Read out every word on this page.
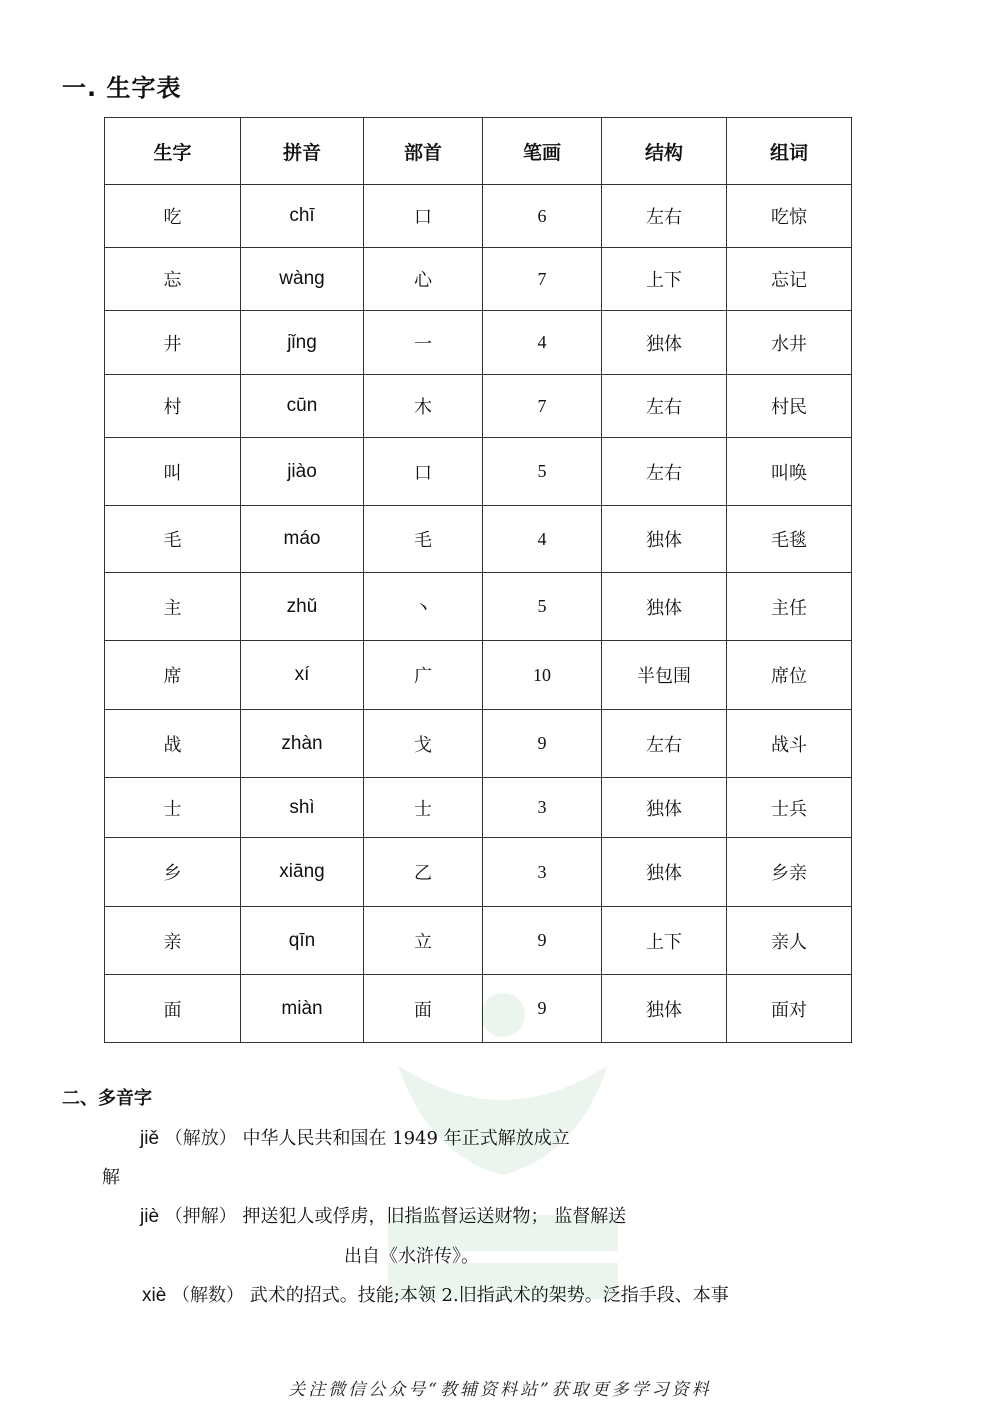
一. 生字表
生字	拼音	部首	笔画	结构	组词
吃	chī	口	6	左右	吃惊
忘	wàng	心	7	上下	忘记
井	jǐng	一	4	独体	水井
村	cūn	木	7	左右	村民
叫	jiào	口	5	左右	叫唤
毛	máo	毛	4	独体	毛毯
主	zhǔ	丶	5	独体	主任
席	xí	广	10	半包围	席位
战	zhàn	戈	9	左右	战斗
士	shì	士	3	独体	士兵
乡	xiāng	乙	3	独体	乡亲
亲	qīn	立	9	上下	亲人
面	miàn	面	9	独体	面对
二、多音字
jiě （解放） 中华人民共和国在 1949 年正式解放成立
解
jiè （押解） 押送犯人或俘虏，旧指监督运送财物； 监督解送
出自《水浒传》。
xiè （解数） 武术的招式。技能;本领 2.旧指武术的架势。泛指手段、本事
关注微信公众号“教辅资料站”获取更多学习资料
